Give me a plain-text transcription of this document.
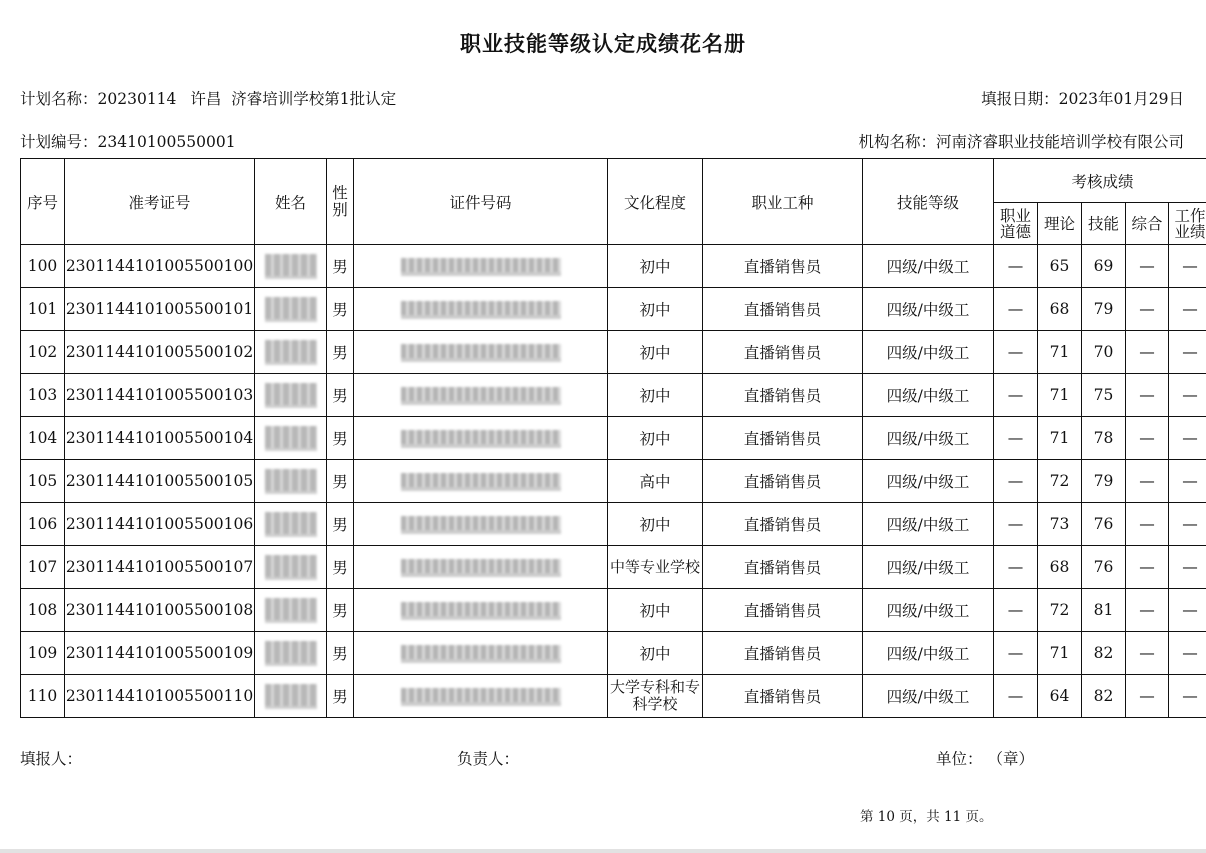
职业技能等级认定成绩花名册
计划名称：20230114 许昌 济睿培训学校第1批认定	填报日期：2023年01月29日
计划编号：23410100550001	机构名称：河南济睿职业技能培训学校有限公司
序号	准考证号	姓名	性别	证件号码	文化程度	职业工种	技能等级	考核成绩				
								职业道德	理论	技能	综合	工作业绩
100	2301144101005500100		男		初中	直播销售员	四级/中级工	—	65	69	—	—
101	2301144101005500101		男		初中	直播销售员	四级/中级工	—	68	79	—	—
102	2301144101005500102		男		初中	直播销售员	四级/中级工	—	71	70	—	—
103	2301144101005500103		男		初中	直播销售员	四级/中级工	—	71	75	—	—
104	2301144101005500104		男		初中	直播销售员	四级/中级工	—	71	78	—	—
105	2301144101005500105		男		高中	直播销售员	四级/中级工	—	72	79	—	—
106	2301144101005500106		男		初中	直播销售员	四级/中级工	—	73	76	—	—
107	2301144101005500107		男		中等专业学校	直播销售员	四级/中级工	—	68	76	—	—
108	2301144101005500108		男		初中	直播销售员	四级/中级工	—	72	81	—	—
109	2301144101005500109		男		初中	直播销售员	四级/中级工	—	71	82	—	—
110	2301144101005500110		男		大学专科和专科学校	直播销售员	四级/中级工	—	64	82	—	—
填报人：	负责人：	单位： （章）
第 10 页，共 11 页。
